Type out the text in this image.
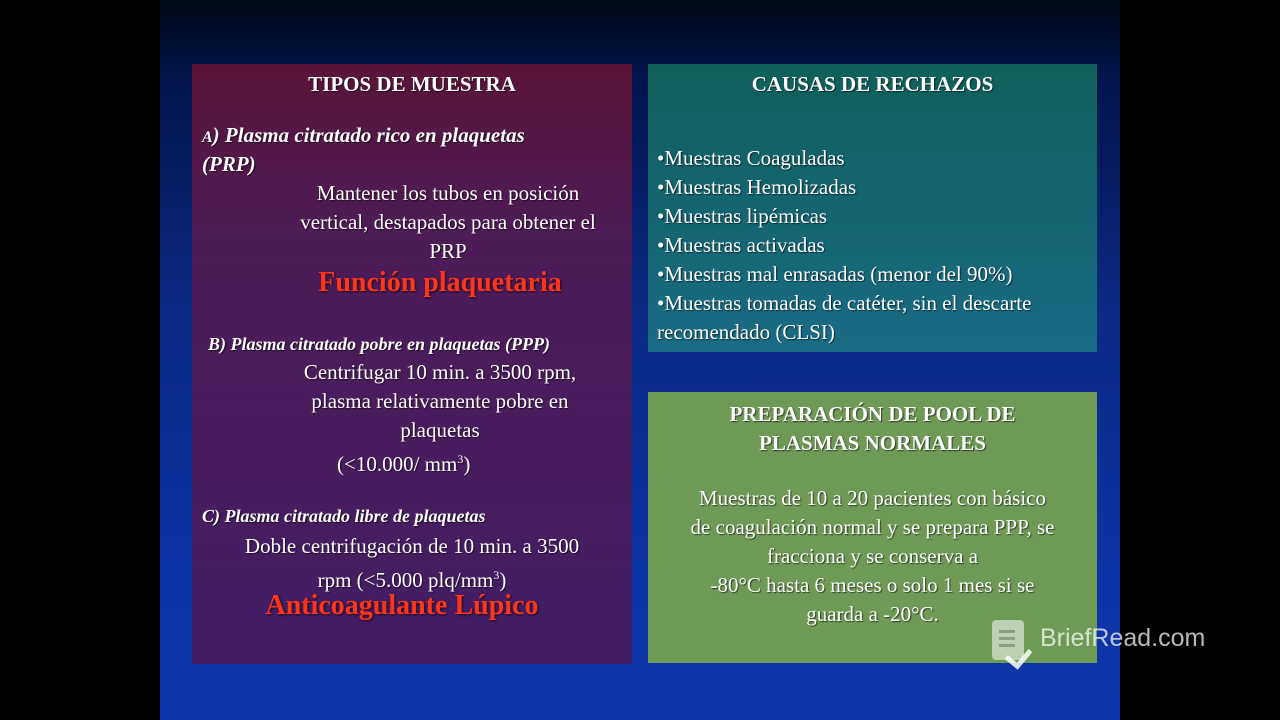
TIPOS DE MUESTRA
A) Plasma citratado rico en plaquetas
(PRP)
Mantener los tubos en posición
vertical, destapados para obtener el
PRP
Función plaquetaria
B) Plasma citratado pobre en plaquetas (PPP)
Centrifugar 10 min. a 3500 rpm,
plasma relativamente pobre en
plaquetas
(<10.000/ $mm^3$)
C) Plasma citratado libre de plaquetas
Doble centrifugación de 10 min. a 3500
rpm (<5.000 plq/$mm^3$)
Anticoagulante Lúpico
CAUSAS DE RECHAZOS
•Muestras Coaguladas
•Muestras Hemolizadas
•Muestras lipémicas
•Muestras activadas
•Muestras mal enrasadas (menor del 90%)
•Muestras tomadas de catéter, sin el descarte
recomendado (CLSI)
PREPARACIÓN DE POOL DE
PLASMAS NORMALES
Muestras de 10 a 20 pacientes con básico
de coagulación normal y se prepara PPP, se
fracciona y se conserva a
-80°C hasta 6 meses o solo 1 mes si se
guarda a -20°C.
BriefRead.com
